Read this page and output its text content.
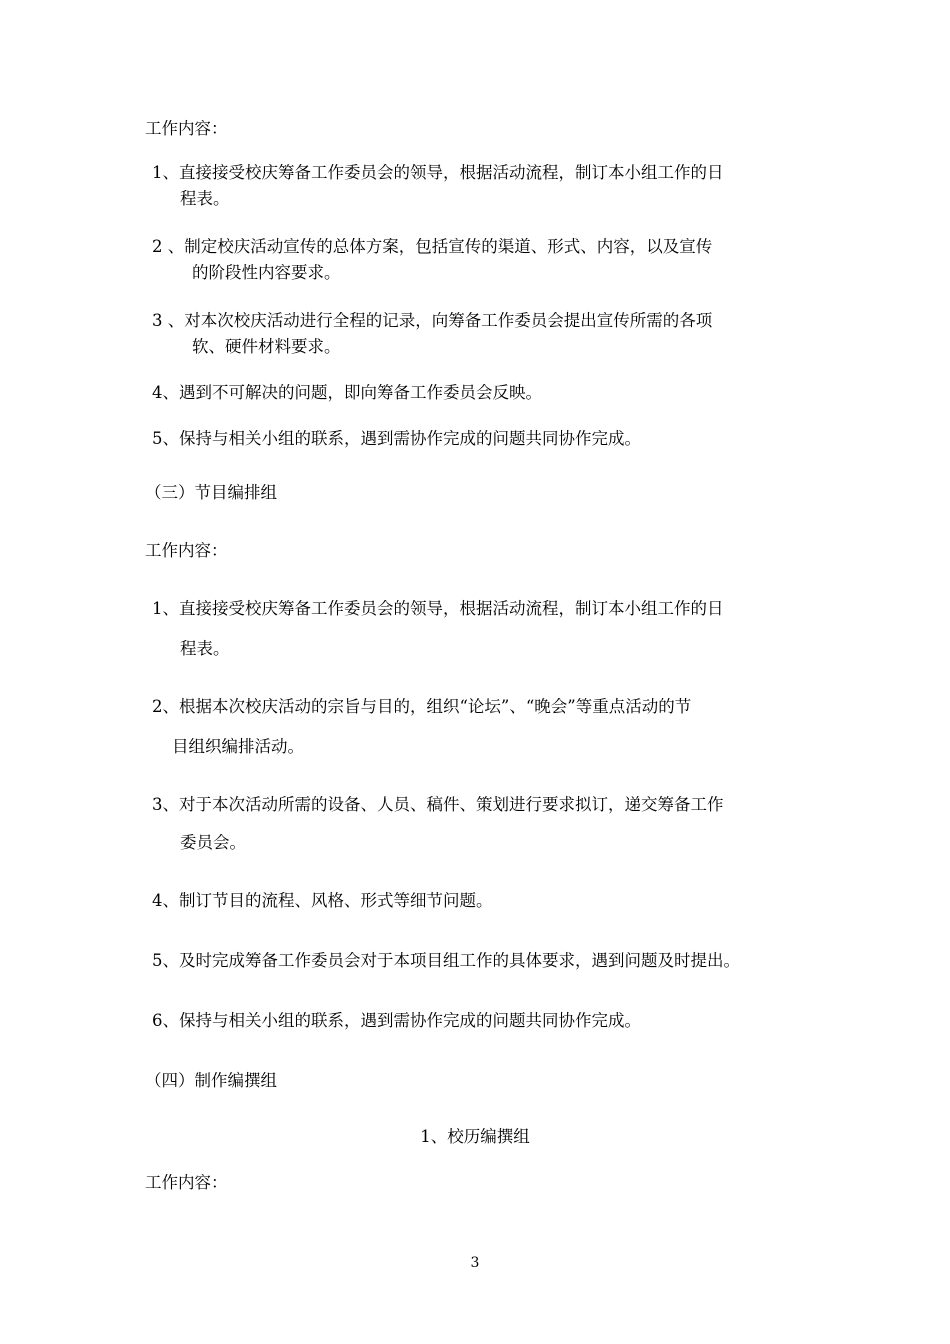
工作内容：
1、直接接受校庆筹备工作委员会的领导，根据活动流程，制订本小组工作的日
程表。
2 、制定校庆活动宣传的总体方案，包括宣传的渠道、形式、内容，以及宣传
的阶段性内容要求。
3 、对本次校庆活动进行全程的记录，向筹备工作委员会提出宣传所需的各项
软、硬件材料要求。
4、遇到不可解决的问题，即向筹备工作委员会反映。
5、保持与相关小组的联系，遇到需协作完成的问题共同协作完成。
（三）节目编排组
工作内容：
1、直接接受校庆筹备工作委员会的领导，根据活动流程，制订本小组工作的日
程表。
2、根据本次校庆活动的宗旨与目的，组织“论坛”、“晚会”等重点活动的节
目组织编排活动。
3、对于本次活动所需的设备、人员、稿件、策划进行要求拟订，递交筹备工作
委员会。
4、制订节目的流程、风格、形式等细节问题。
5、及时完成筹备工作委员会对于本项目组工作的具体要求，遇到问题及时提出。
6、保持与相关小组的联系，遇到需协作完成的问题共同协作完成。
（四）制作编撰组
1、校历编撰组
工作内容：
3
